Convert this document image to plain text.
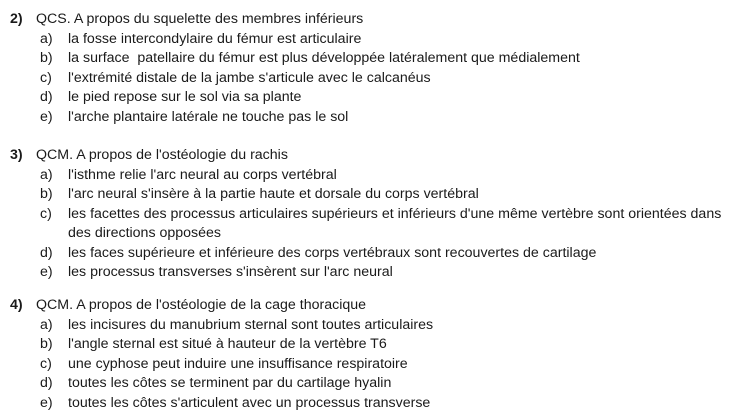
2) QCS. A propos du squelette des membres inférieurs
a) la fosse intercondylaire du fémur est articulaire
b) la surface  patellaire du fémur est plus développée latéralement que médialement
c) l'extrémité distale de la jambe s'articule avec le calcanéus
d) le pied repose sur le sol via sa plante
e) l'arche plantaire latérale ne touche pas le sol
3) QCM. A propos de l'ostéologie du rachis
a) l'isthme relie l'arc neural au corps vertébral
b) l'arc neural s'insère à la partie haute et dorsale du corps vertébral
c) les facettes des processus articulaires supérieurs et inférieurs d'une même vertèbre sont orientées dans des directions opposées
d) les faces supérieure et inférieure des corps vertébraux sont recouvertes de cartilage
e) les processus transverses s'insèrent sur l'arc neural
4) QCM. A propos de l'ostéologie de la cage thoracique
a) les incisures du manubrium sternal sont toutes articulaires
b) l'angle sternal est situé à hauteur de la vertèbre T6
c) une cyphose peut induire une insuffisance respiratoire
d) toutes les côtes se terminent par du cartilage hyalin
e) toutes les côtes s'articulent avec un processus transverse
